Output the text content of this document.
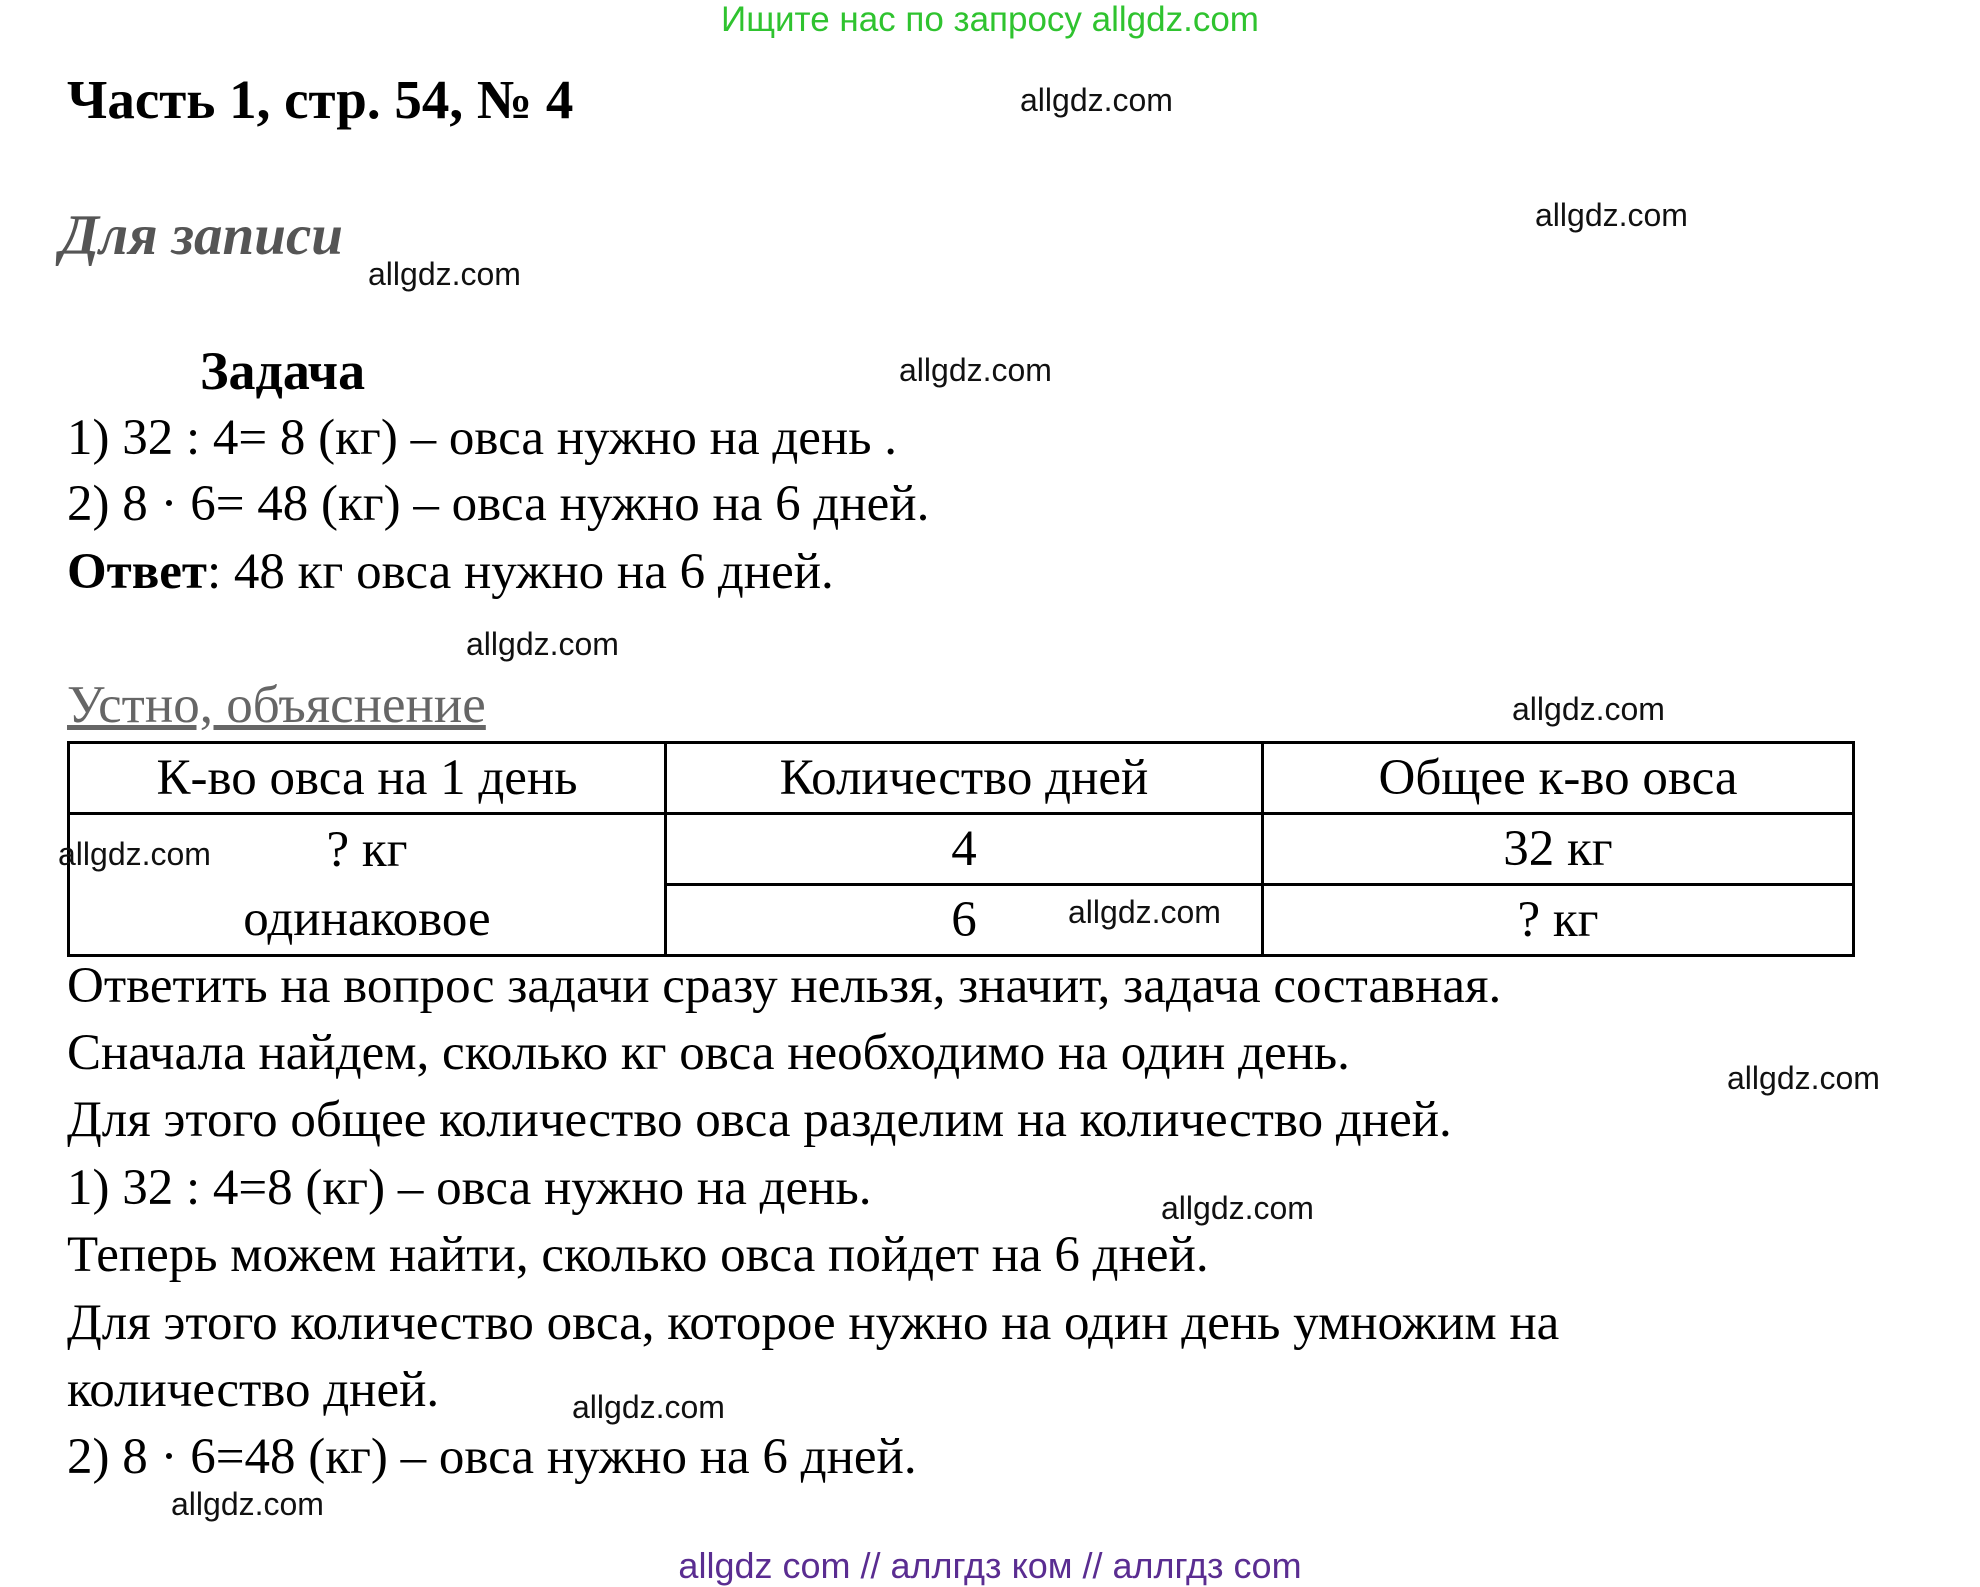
Ищите нас по запросу allgdz.com
Часть 1, стр. 54, № 4
Для записи
Задача
1) 32 : 4= 8 (кг) – овса нужно на день .
2) 8 · 6= 48 (кг) – овса нужно на 6 дней.
Ответ: 48 кг овса нужно на 6 дней.
Устно, объяснение
К-во овса на 1 день	Количество дней	Общее к-во овса
? кг	4	32 кг
одинаковое	6	? кг
Ответить на вопрос задачи сразу нельзя, значит, задача составная.
Сначала найдем, сколько кг овса необходимо на один день.
Для этого общее количество овса разделим на количество дней.
1) 32 : 4=8 (кг) – овса нужно на день.
Теперь можем найти, сколько овса пойдет на 6 дней.
Для этого количество овса, которое нужно на один день умножим на
количество дней.
2) 8 · 6=48 (кг) – овса нужно на 6 дней.
allgdz.com
allgdz.com
allgdz.com
allgdz.com
allgdz.com
allgdz.com
allgdz.com
allgdz.com
allgdz.com
allgdz.com
allgdz.com
allgdz.com
allgdz com // аллгдз ком // аллгдз com
